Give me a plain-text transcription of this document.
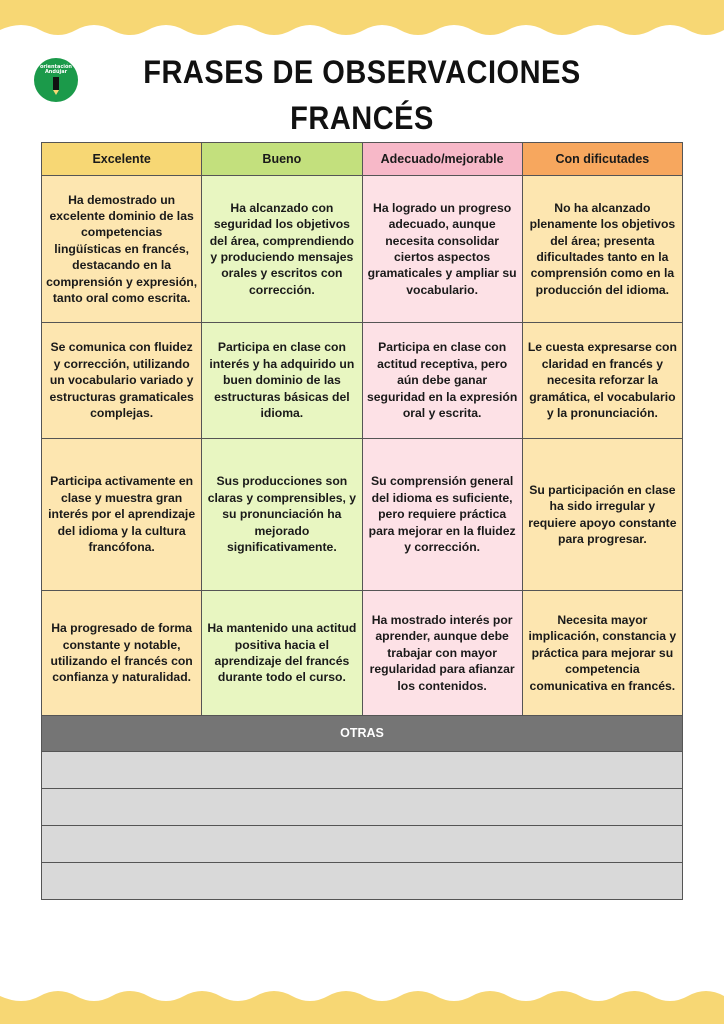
orientación
Andújar	FRASES DE OBSERVACIONES
FRANCÉS
Excelente	Bueno	Adecuado/mejorable	Con dificutades
Ha demostrado un excelente dominio de las competencias lingüísticas en francés, destacando en la comprensión y expresión, tanto oral como escrita.	Ha alcanzado con seguridad los objetivos del área, comprendiendo y produciendo mensajes orales y escritos con corrección.	Ha logrado un progreso adecuado, aunque necesita consolidar ciertos aspectos gramaticales y ampliar su vocabulario.	No ha alcanzado plenamente los objetivos del área; presenta dificultades tanto en la comprensión como en la producción del idioma.
Se comunica con fluidez y corrección, utilizando un vocabulario variado y estructuras gramaticales complejas.	Participa en clase con interés y ha adquirido un buen dominio de las estructuras básicas del idioma.	Participa en clase con actitud receptiva, pero aún debe ganar seguridad en la expresión oral y escrita.	Le cuesta expresarse con claridad en francés y necesita reforzar la gramática, el vocabulario y la pronunciación.
Participa activamente en clase y muestra gran interés por el aprendizaje del idioma y la cultura francófona.	Sus producciones son claras y comprensibles, y su pronunciación ha mejorado significativamente.	Su comprensión general del idioma es suficiente, pero requiere práctica para mejorar en la fluidez y corrección.	Su participación en clase ha sido irregular y requiere apoyo constante para progresar.
Ha progresado de forma constante y notable, utilizando el francés con confianza y naturalidad.	Ha mantenido una actitud positiva hacia el aprendizaje del francés durante todo el curso.	Ha mostrado interés por aprender, aunque debe trabajar con mayor regularidad para afianzar los contenidos.	Necesita mayor implicación, constancia y práctica para mejorar su competencia comunicativa en francés.
OTRAS			
